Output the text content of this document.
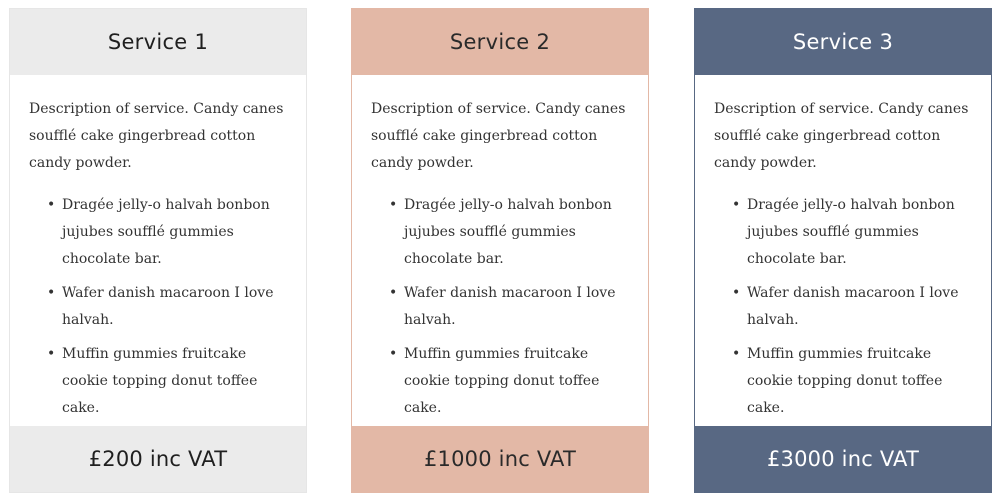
Service 1

Description of service. Candy canes soufflé cake gingerbread cotton candy powder.

• Dragée jelly-o halvah bonbon jujubes soufflé gummies chocolate bar.
• Wafer danish macaroon I love halvah.
• Muffin gummies fruitcake cookie topping donut toffee cake.
£200 inc VAT
Service 2

Description of service. Candy canes soufflé cake gingerbread cotton candy powder.

• Dragée jelly-o halvah bonbon jujubes soufflé gummies chocolate bar.
• Wafer danish macaroon I love halvah.
• Muffin gummies fruitcake cookie topping donut toffee cake.
£1000 inc VAT
Service 3

Description of service. Candy canes soufflé cake gingerbread cotton candy powder.

• Dragée jelly-o halvah bonbon jujubes soufflé gummies chocolate bar.
• Wafer danish macaroon I love halvah.
• Muffin gummies fruitcake cookie topping donut toffee cake.
£3000 inc VAT
